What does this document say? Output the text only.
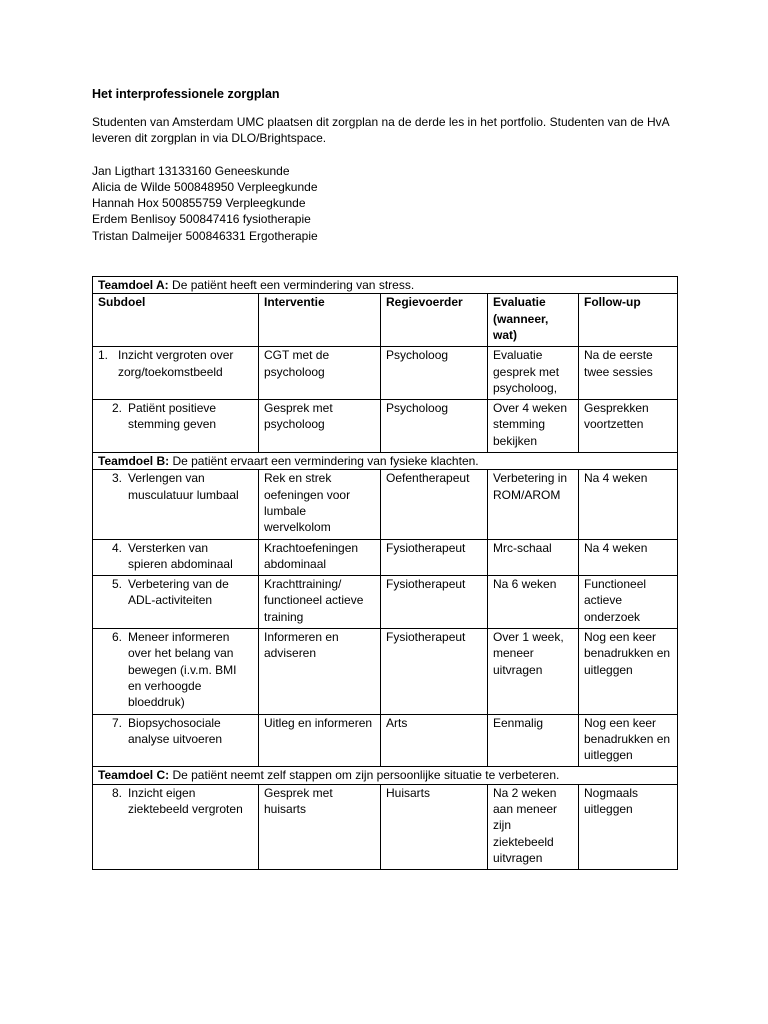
Het interprofessionele zorgplan

Studenten van Amsterdam UMC plaatsen dit zorgplan na de derde les in het portfolio. Studenten van de HvA leveren dit zorgplan in via DLO/Brightspace.

Jan Ligthart 13133160 Geneeskunde
Alicia de Wilde 500848950 Verpleegkunde
Hannah Hox 500855759 Verpleegkunde
Erdem Benlisoy 500847416 fysiotherapie
Tristan Dalmeijer 500846331 Ergotherapie
Teamdoel A: De patiënt heeft een vermindering van stress.				
Subdoel	Interventie	Regievoerder	Evaluatie (wanneer, wat)	Follow-up
1. Inzicht vergroten over zorg/toekomstbeeld	CGT met de psycholoog	Psycholoog	Evaluatie gesprek met psycholoog,	Na de eerste twee sessies
2. Patiënt positieve stemming geven	Gesprek met psycholoog	Psycholoog	Over 4 weken stemming bekijken	Gesprekken voortzetten
Teamdoel B: De patiënt ervaart een vermindering van fysieke klachten.				
3. Verlengen van musculatuur lumbaal	Rek en strek oefeningen voor lumbale wervelkolom	Oefentherapeut	Verbetering in ROM/AROM	Na 4 weken
4. Versterken van spieren abdominaal	Krachtoefeningen abdominaal	Fysiotherapeut	Mrc-schaal	Na 4 weken
5. Verbetering van de ADL-activiteiten	Krachttraining/ functioneel actieve training	Fysiotherapeut	Na 6 weken	Functioneel actieve onderzoek
6. Meneer informeren over het belang van bewegen (i.v.m. BMI en verhoogde bloeddruk)	Informeren en adviseren	Fysiotherapeut	Over 1 week, meneer uitvragen	Nog een keer benadrukken en uitleggen
7. Biopsychosociale analyse uitvoeren	Uitleg en informeren	Arts	Eenmalig	Nog een keer benadrukken en uitleggen
Teamdoel C: De patiënt neemt zelf stappen om zijn persoonlijke situatie te verbeteren.				
8. Inzicht eigen ziektebeeld vergroten	Gesprek met huisarts	Huisarts	Na 2 weken aan meneer zijn ziektebeeld uitvragen	Nogmaals uitleggen
